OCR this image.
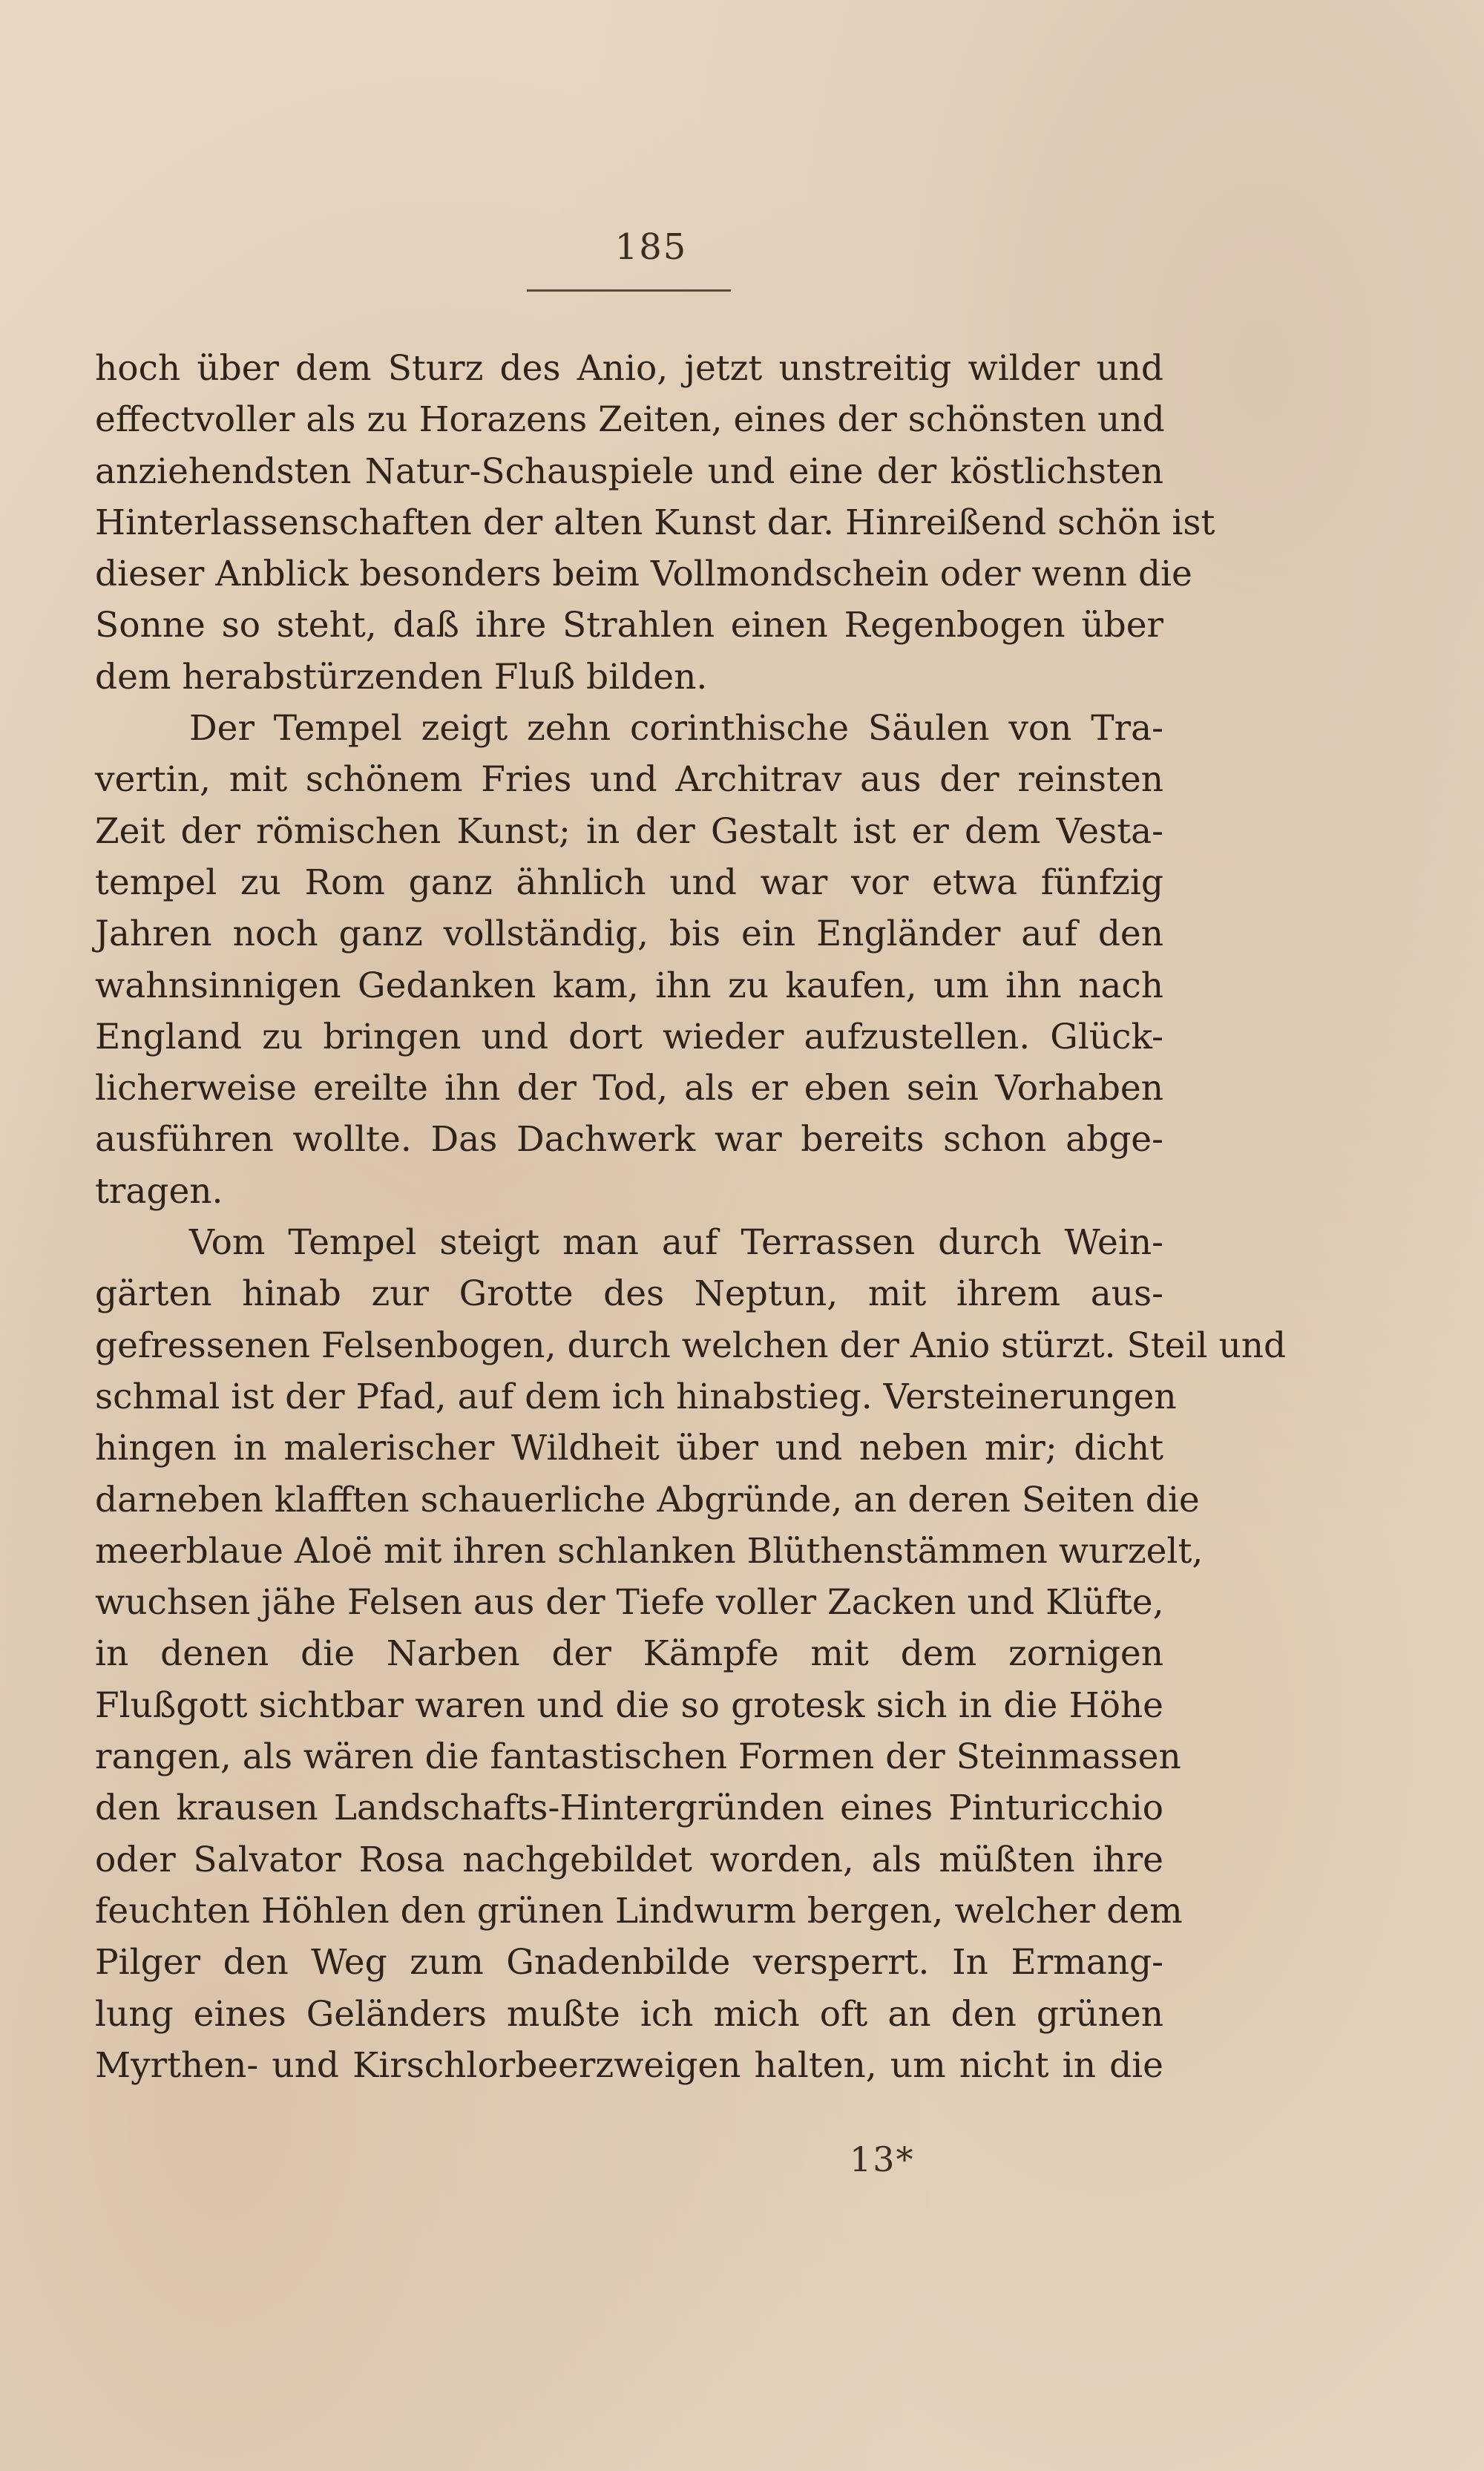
185
hoch über dem Sturz des Anio, jetzt unstreitig wilder und
effectvoller als zu Horazens Zeiten, eines der schönsten und
anziehendsten Natur-Schauspiele und eine der köstlichsten
Hinterlassenschaften der alten Kunst dar. Hinreißend schön ist
dieser Anblick besonders beim Vollmondschein oder wenn die
Sonne so steht, daß ihre Strahlen einen Regenbogen über
dem herabstürzenden Fluß bilden.
Der Tempel zeigt zehn corinthische Säulen von Tra-
vertin, mit schönem Fries und Architrav aus der reinsten
Zeit der römischen Kunst; in der Gestalt ist er dem Vesta-
tempel zu Rom ganz ähnlich und war vor etwa fünfzig
Jahren noch ganz vollständig, bis ein Engländer auf den
wahnsinnigen Gedanken kam, ihn zu kaufen, um ihn nach
England zu bringen und dort wieder aufzustellen. Glück-
licherweise ereilte ihn der Tod, als er eben sein Vorhaben
ausführen wollte. Das Dachwerk war bereits schon abge-
tragen.
Vom Tempel steigt man auf Terrassen durch Wein-
gärten hinab zur Grotte des Neptun, mit ihrem aus-
gefressenen Felsenbogen, durch welchen der Anio stürzt. Steil und
schmal ist der Pfad, auf dem ich hinabstieg. Versteinerungen
hingen in malerischer Wildheit über und neben mir; dicht
darneben klafften schauerliche Abgründe, an deren Seiten die
meerblaue Aloë mit ihren schlanken Blüthenstämmen wurzelt,
wuchsen jähe Felsen aus der Tiefe voller Zacken und Klüfte,
in denen die Narben der Kämpfe mit dem zornigen
Flußgott sichtbar waren und die so grotesk sich in die Höhe
rangen, als wären die fantastischen Formen der Steinmassen
den krausen Landschafts-Hintergründen eines Pinturicchio
oder Salvator Rosa nachgebildet worden, als müßten ihre
feuchten Höhlen den grünen Lindwurm bergen, welcher dem
Pilger den Weg zum Gnadenbilde versperrt. In Ermang-
lung eines Geländers mußte ich mich oft an den grünen
Myrthen- und Kirschlorbeerzweigen halten, um nicht in die
13*
